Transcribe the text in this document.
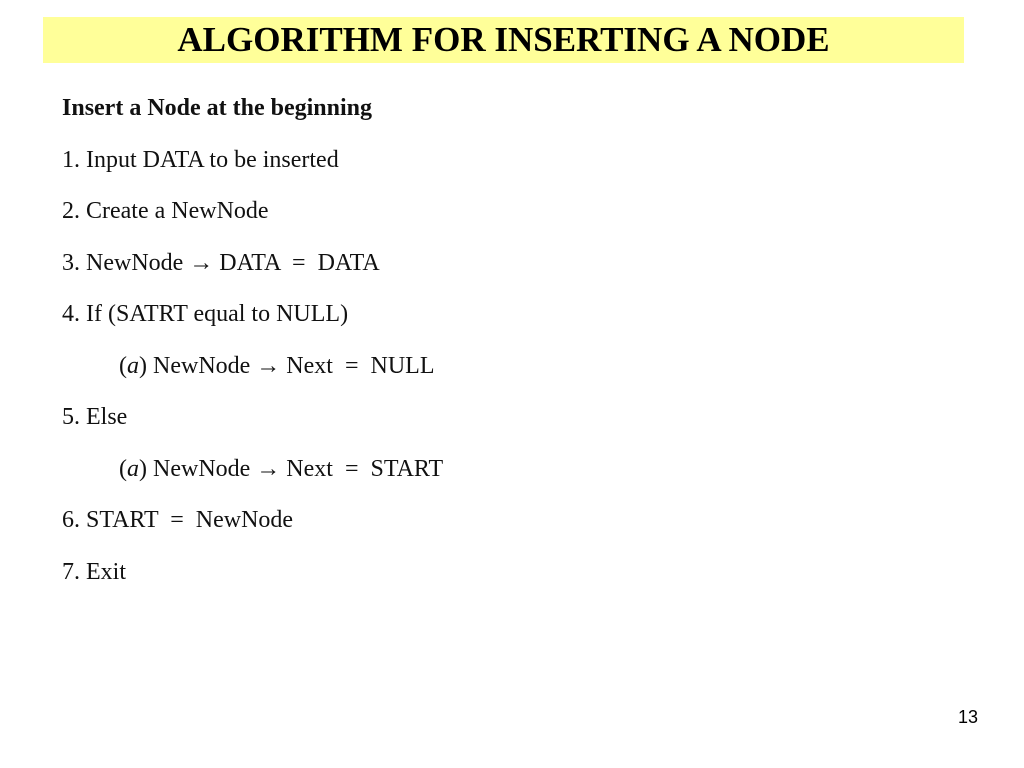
ALGORITHM FOR INSERTING A NODE
Insert a Node at the beginning
1. Input DATA to be inserted
2. Create a NewNode
3. NewNode → DATA  =  DATA
4. If (SATRT equal to NULL)
(a) NewNode → Next  =  NULL
5. Else
(a) NewNode → Next  =  START
6. START  =  NewNode
7. Exit
13
